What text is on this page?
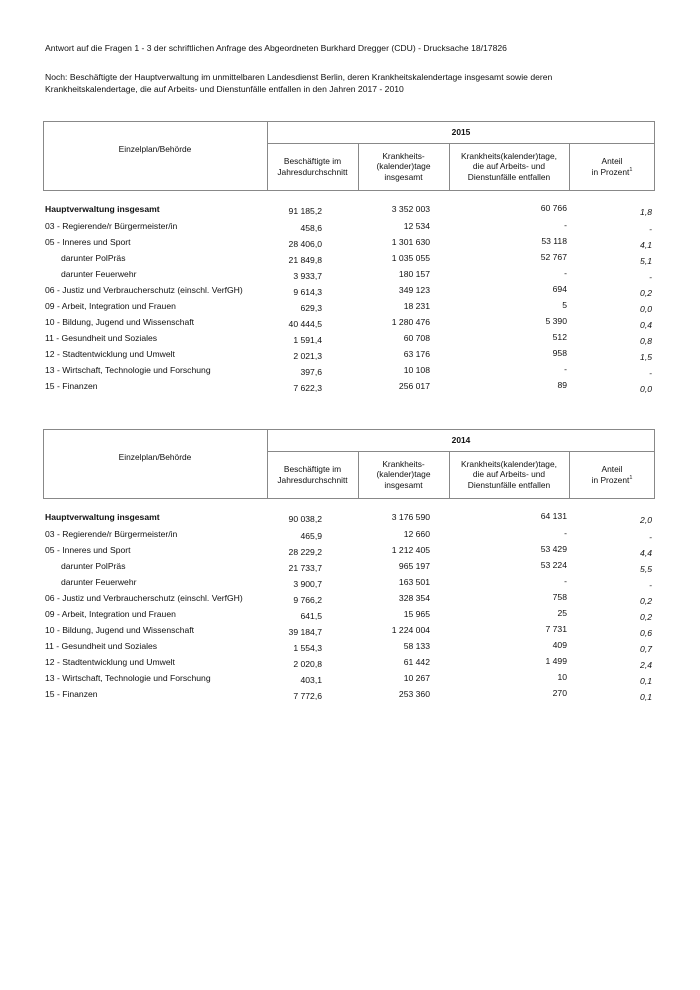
Antwort auf die Fragen 1 - 3 der schriftlichen Anfrage des Abgeordneten Burkhard Dregger (CDU) - Drucksache 18/17826
Noch: Beschäftigte der Hauptverwaltung im unmittelbaren Landesdienst Berlin, deren Krankheitskalendertage insgesamt sowie deren
Krankheitskalendertage, die auf Arbeits- und Dienstunfälle entfallen in den Jahren 2017 - 2010
Einzelplan/Behörde
2015
Beschäftigte im
Jahresdurchschnitt
Krankheits-
(kalender)tage
insgesamt
Krankheits(kalender)tage,
die auf Arbeits- und
Dienstunfälle entfallen
Anteil
in Prozent$^1$
Hauptverwaltung insgesamt	91 185,2	3 352 003	60 766	1,8
03 - Regierende/r Bürgermeister/in	458,6	12 534	-	-
05 - Inneres und Sport	28 406,0	1 301 630	53 118	4,1
darunter PolPräs	21 849,8	1 035 055	52 767	5,1
darunter Feuerwehr	3 933,7	180 157	-	-
06 - Justiz und Verbraucherschutz (einschl. VerfGH)	9 614,3	349 123	694	0,2
09 - Arbeit, Integration und Frauen	629,3	18 231	5	0,0
10 - Bildung, Jugend und Wissenschaft	40 444,5	1 280 476	5 390	0,4
11 - Gesundheit und Soziales	1 591,4	60 708	512	0,8
12 - Stadtentwicklung und Umwelt	2 021,3	63 176	958	1,5
13 - Wirtschaft, Technologie und Forschung	397,6	10 108	-	-
15 - Finanzen	7 622,3	256 017	89	0,0
Einzelplan/Behörde
2014
Beschäftigte im
Jahresdurchschnitt
Krankheits-
(kalender)tage
insgesamt
Krankheits(kalender)tage,
die auf Arbeits- und
Dienstunfälle entfallen
Anteil
in Prozent$^1$
Hauptverwaltung insgesamt	90 038,2	3 176 590	64 131	2,0
03 - Regierende/r Bürgermeister/in	465,9	12 660	-	-
05 - Inneres und Sport	28 229,2	1 212 405	53 429	4,4
darunter PolPräs	21 733,7	965 197	53 224	5,5
darunter Feuerwehr	3 900,7	163 501	-	-
06 - Justiz und Verbraucherschutz (einschl. VerfGH)	9 766,2	328 354	758	0,2
09 - Arbeit, Integration und Frauen	641,5	15 965	25	0,2
10 - Bildung, Jugend und Wissenschaft	39 184,7	1 224 004	7 731	0,6
11 - Gesundheit und Soziales	1 554,3	58 133	409	0,7
12 - Stadtentwicklung und Umwelt	2 020,8	61 442	1 499	2,4
13 - Wirtschaft, Technologie und Forschung	403,1	10 267	10	0,1
15 - Finanzen	7 772,6	253 360	270	0,1
